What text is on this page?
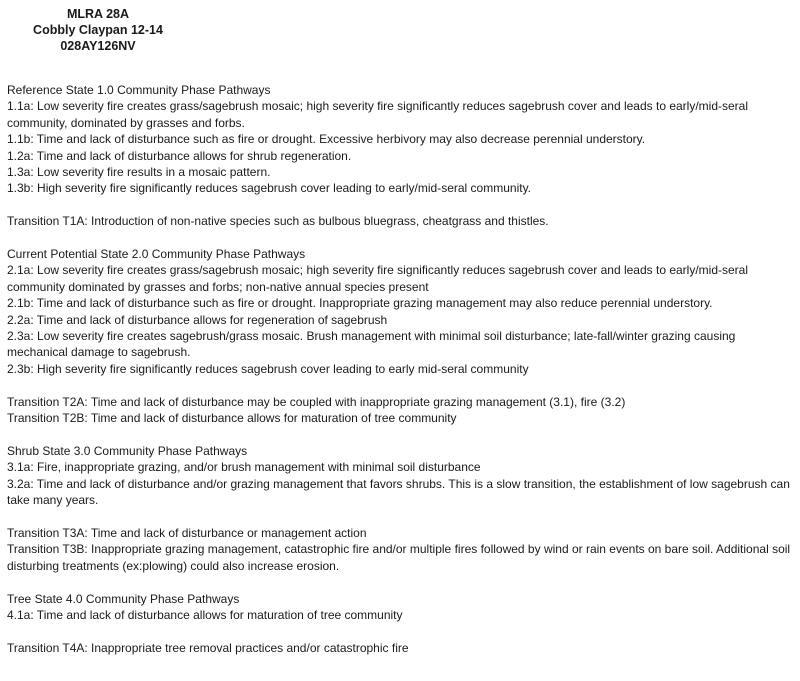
MLRA 28A
Cobbly Claypan 12-14
028AY126NV

Reference State 1.0 Community Phase Pathways

1.1a: Low severity fire creates grass/sagebrush mosaic; high severity fire significantly reduces sagebrush cover and leads to early/mid-seral community, dominated by grasses and forbs.

1.1b: Time and lack of disturbance such as fire or drought. Excessive herbivory may also decrease perennial understory.

1.2a: Time and lack of disturbance allows for shrub regeneration.

1.3a: Low severity fire results in a mosaic pattern.

1.3b: High severity fire significantly reduces sagebrush cover leading to early/mid-seral community.

Transition T1A: Introduction of non-native species such as bulbous bluegrass, cheatgrass and thistles.

Current Potential State 2.0 Community Phase Pathways

2.1a: Low severity fire creates grass/sagebrush mosaic; high severity fire significantly reduces sagebrush cover and leads to early/mid-seral community dominated by grasses and forbs; non-native annual species present

2.1b: Time and lack of disturbance such as fire or drought. Inappropriate grazing management may also reduce perennial understory.

2.2a: Time and lack of disturbance allows for regeneration of sagebrush

2.3a: Low severity fire creates sagebrush/grass mosaic. Brush management with minimal soil disturbance; late-fall/winter grazing causing mechanical damage to sagebrush.

2.3b: High severity fire significantly reduces sagebrush cover leading to early mid-seral community

Transition T2A: Time and lack of disturbance may be coupled with inappropriate grazing management (3.1), fire (3.2)

Transition T2B: Time and lack of disturbance allows for maturation of tree community

Shrub State 3.0 Community Phase Pathways

3.1a: Fire, inappropriate grazing, and/or brush management with minimal soil disturbance

3.2a: Time and lack of disturbance and/or grazing management that favors shrubs. This is a slow transition, the establishment of low sagebrush can take many years.

Transition T3A: Time and lack of disturbance or management action

Transition T3B: Inappropriate grazing management, catastrophic fire and/or multiple fires followed by wind or rain events on bare soil. Additional soil disturbing treatments (ex:plowing) could also increase erosion.

Tree State 4.0 Community Phase Pathways

4.1a: Time and lack of disturbance allows for maturation of tree community

Transition T4A: Inappropriate tree removal practices and/or catastrophic fire
